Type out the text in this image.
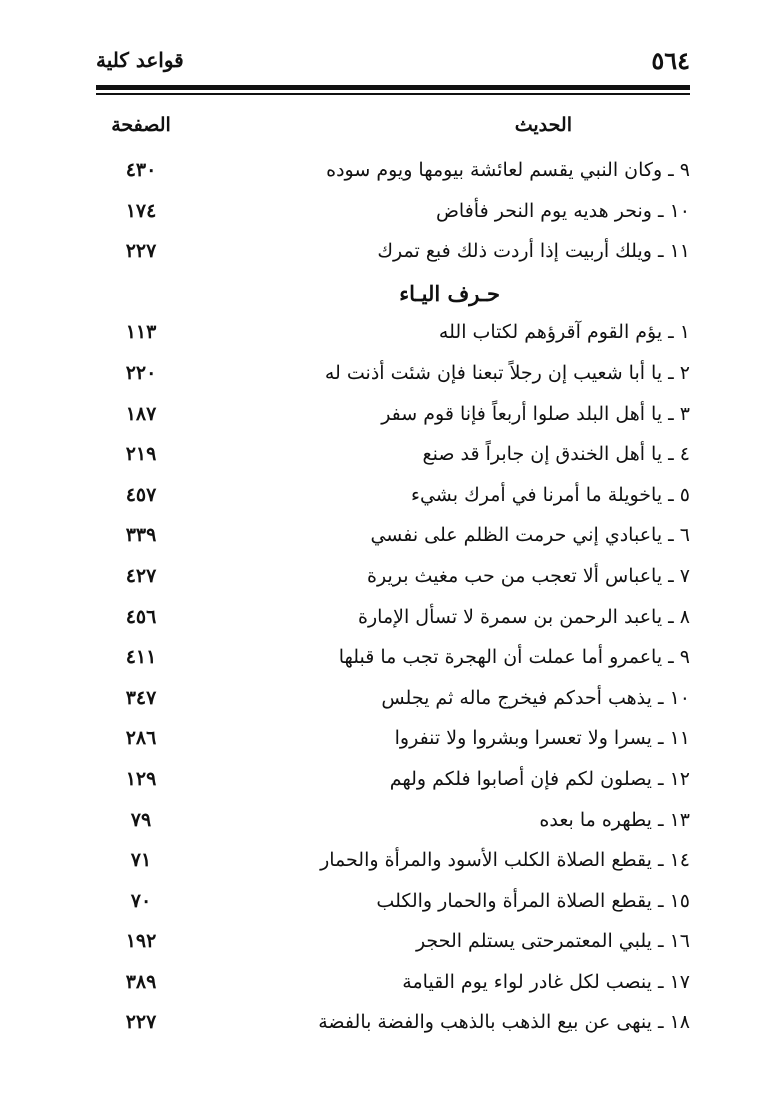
٥٦٤
قواعد كلية
الحديث
الصفحة
٩ ـ وكان النبي يقسم لعائشة بيومها ويوم سوده
٤٣٠
١٠ ـ ونحر هديه يوم النحر فأفاض
١٧٤
١١ ـ ويلك أربيت إذا أردت ذلك فبع تمرك
٢٢٧
حـرف اليـاء
١ ـ يؤم القوم آقرؤهم لكتاب الله
١١٣
٢ ـ يا أبا شعيب إن رجلاً تبعنا فإن شئت أذنت له
٢٢٠
٣ ـ يا أهل البلد صلوا أربعاً فإنا قوم سفر
١٨٧
٤ ـ يا أهل الخندق إن جابراً قد صنع
٢١٩
٥ ـ ياخويلة ما أمرنا في أمرك بشيء
٤٥٧
٦ ـ ياعبادي إني حرمت الظلم على نفسي
٣٣٩
٧ ـ ياعباس ألا تعجب من حب مغيث بريرة
٤٢٧
٨ ـ ياعبد الرحمن بن سمرة لا تسأل الإمارة
٤٥٦
٩ ـ ياعمرو أما عملت أن الهجرة تجب ما قبلها
٤١١
١٠ ـ يذهب أحدكم فيخرج ماله ثم يجلس
٣٤٧
١١ ـ يسرا ولا تعسرا وبشروا ولا تنفروا
٢٨٦
١٢ ـ يصلون لكم فإن أصابوا فلكم ولهم
١٢٩
١٣ ـ يطهره ما بعده
٧٩
١٤ ـ يقطع الصلاة الكلب الأسود والمرأة والحمار
٧١
١٥ ـ يقطع الصلاة المرأة والحمار والكلب
٧٠
١٦ ـ يلبي المعتمرحتى يستلم الحجر
١٩٢
١٧ ـ ينصب لكل غادر لواء يوم القيامة
٣٨٩
١٨ ـ ينهى عن بيع الذهب بالذهب والفضة بالفضة
٢٢٧
